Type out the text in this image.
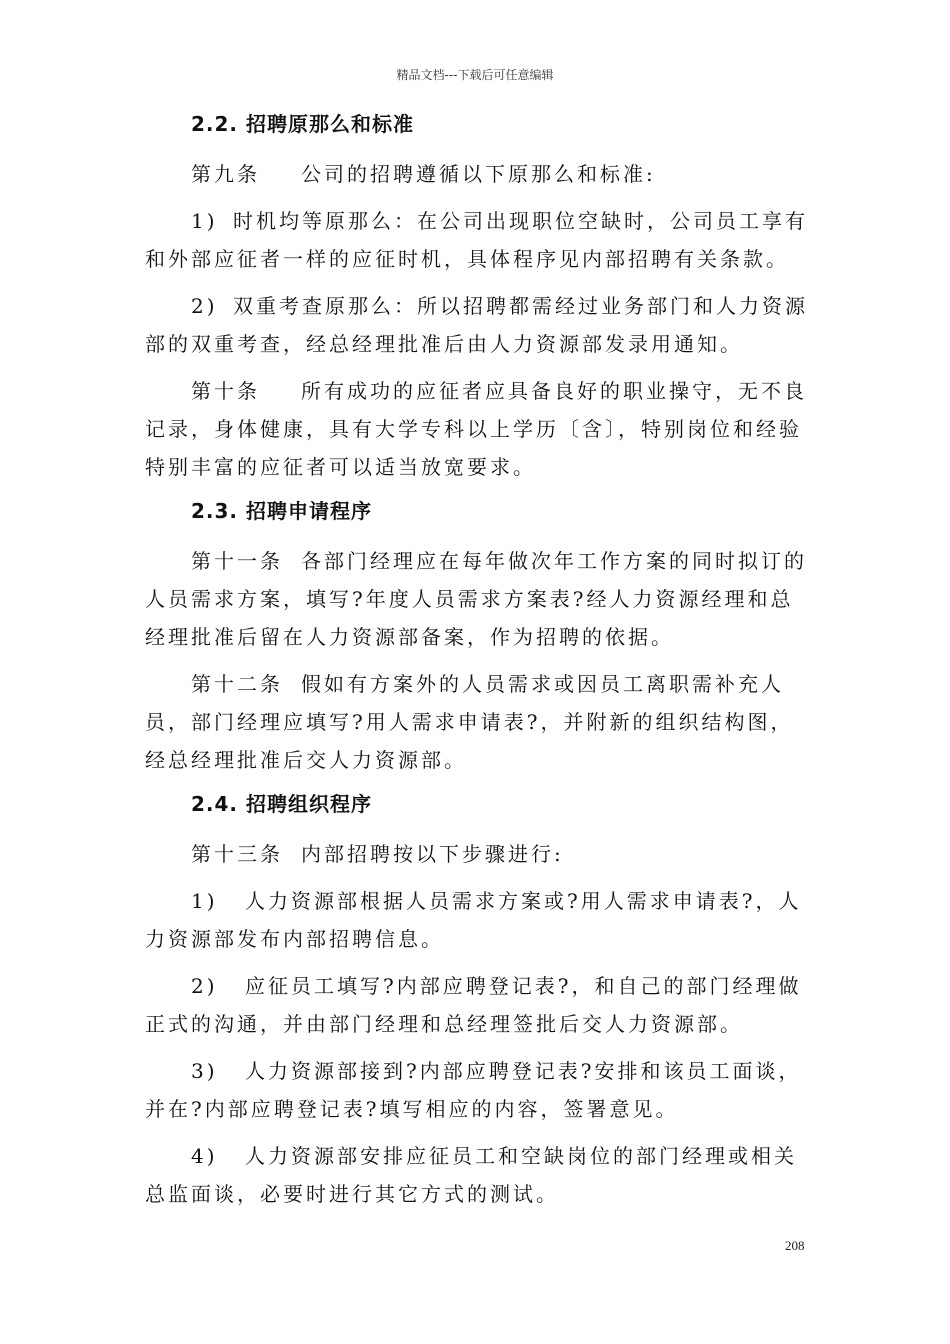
精品文档---下载后可任意编辑
2.2. 招聘原那么和标准
第九条 公司的招聘遵循以下原那么和标准:
1) 时机均等原那么：在公司出现职位空缺时，公司员工享有和外部应征者一样的应征时机，具体程序见内部招聘有关条款。
2) 双重考查原那么：所以招聘都需经过业务部门和人力资源部的双重考查，经总经理批准后由人力资源部发录用通知。
第十条 所有成功的应征者应具备良好的职业操守，无不良记录，身体健康，具有大学专科以上学历〔含〕，特别岗位和经验特别丰富的应征者可以适当放宽要求。
2.3. 招聘申请程序
第十一条 各部门经理应在每年做次年工作方案的同时拟订的人员需求方案，填写?年度人员需求方案表?经人力资源经理和总经理批准后留在人力资源部备案，作为招聘的依据。
第十二条 假如有方案外的人员需求或因员工离职需补充人员，部门经理应填写?用人需求申请表?，并附新的组织结构图，经总经理批准后交人力资源部。
2.4. 招聘组织程序
第十三条 内部招聘按以下步骤进行:
1) 人力资源部根据人员需求方案或?用人需求申请表?，人力资源部发布内部招聘信息。
2) 应征员工填写?内部应聘登记表?，和自己的部门经理做正式的沟通，并由部门经理和总经理签批后交人力资源部。
3) 人力资源部接到?内部应聘登记表?安排和该员工面谈，并在?内部应聘登记表?填写相应的内容，签署意见。
4) 人力资源部安排应征员工和空缺岗位的部门经理或相关总监面谈，必要时进行其它方式的测试。
208
